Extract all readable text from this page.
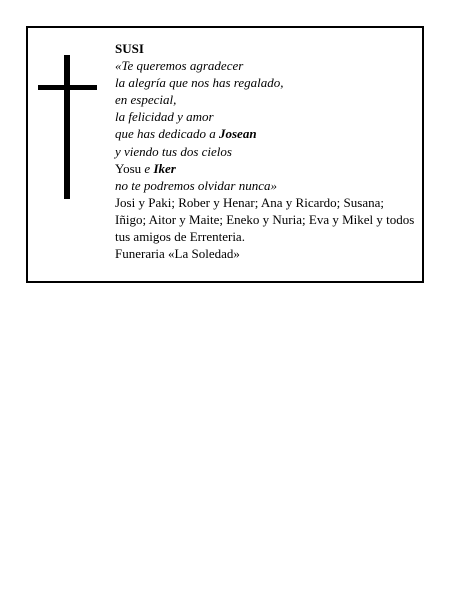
SUSI
«Te queremos agradecer
la alegría que nos has regalado,
en especial,
la felicidad y amor
que has dedicado a Josean
y viendo tus dos cielos
Yosu e Iker
no te podremos olvidar nunca»
Josi y Paki; Rober y Henar; Ana y Ricardo; Susana; Iñigo; Aitor y Maite; Eneko y Nuria; Eva y Mikel y todos tus amigos de Errenteria.
Funeraria «La Soledad»
